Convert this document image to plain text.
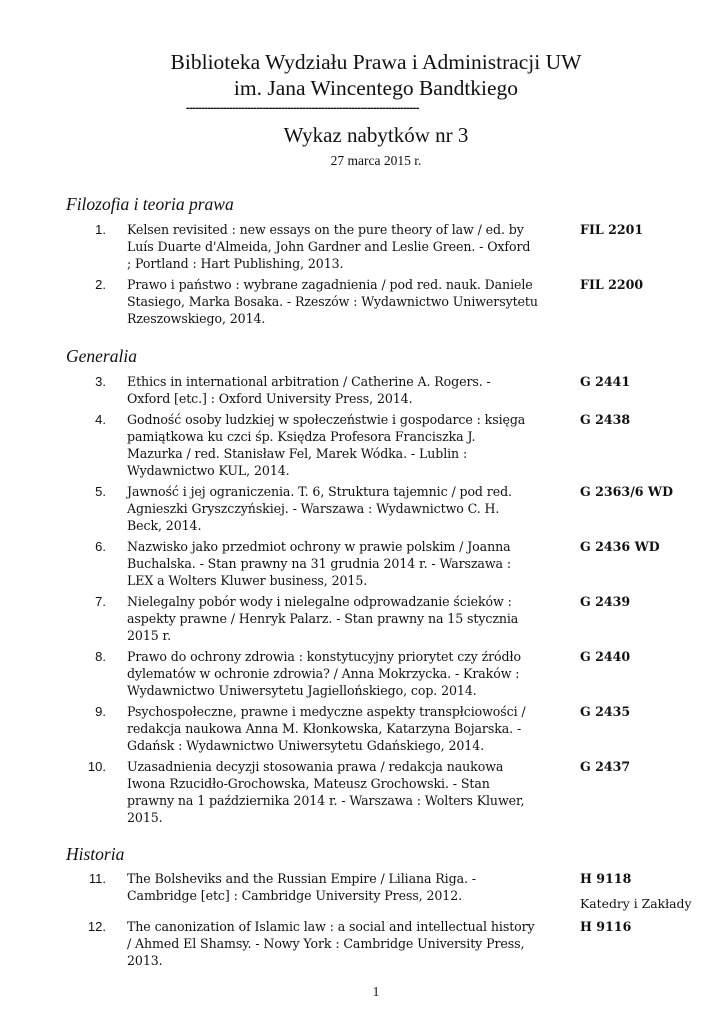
Biblioteka Wydziału Prawa i Administracji UW
im. Jana Wincentego Bandtkiego
----------------------------------------------------------------------------
Wykaz nabytków nr 3
27 marca 2015 r.
Filozofia i teoria prawa
1. Kelsen revisited : new essays on the pure theory of law / ed. by
Luís Duarte d'Almeida, John Gardner and Leslie Green. - Oxford
; Portland : Hart Publishing, 2013.
FIL 2201
2. Prawo i państwo : wybrane zagadnienia / pod red. nauk. Daniele
Stasiego, Marka Bosaka. - Rzeszów : Wydawnictwo Uniwersytetu
Rzeszowskiego, 2014.
FIL 2200
Generalia
3. Ethics in international arbitration / Catherine A. Rogers. -
Oxford [etc.] : Oxford University Press, 2014.
G 2441
4. Godność osoby ludzkiej w społeczeństwie i gospodarce : księga
pamiątkowa ku czci śp. Księdza Profesora Franciszka J.
Mazurka / red. Stanisław Fel, Marek Wódka. - Lublin :
Wydawnictwo KUL, 2014.
G 2438
5. Jawność i jej ograniczenia. T. 6, Struktura tajemnic / pod red.
Agnieszki Gryszczyńskiej. - Warszawa : Wydawnictwo C. H.
Beck, 2014.
G 2363/6 WD
6. Nazwisko jako przedmiot ochrony w prawie polskim / Joanna
Buchalska. - Stan prawny na 31 grudnia 2014 r. - Warszawa :
LEX a Wolters Kluwer business, 2015.
G 2436 WD
7. Nielegalny pobór wody i nielegalne odprowadzanie ścieków :
aspekty prawne / Henryk Palarz. - Stan prawny na 15 stycznia
2015 r.
G 2439
8. Prawo do ochrony zdrowia : konstytucyjny priorytet czy źródło
dylematów w ochronie zdrowia? / Anna Mokrzycka. - Kraków :
Wydawnictwo Uniwersytetu Jagiellońskiego, cop. 2014.
G 2440
9. Psychospołeczne, prawne i medyczne aspekty transpłciowości /
redakcja naukowa Anna M. Kłonkowska, Katarzyna Bojarska. -
Gdańsk : Wydawnictwo Uniwersytetu Gdańskiego, 2014.
G 2435
10. Uzasadnienia decyzji stosowania prawa / redakcja naukowa
Iwona Rzucidło-Grochowska, Mateusz Grochowski. - Stan
prawny na 1 października 2014 r. - Warszawa : Wolters Kluwer,
2015.
G 2437
Historia
11. The Bolsheviks and the Russian Empire / Liliana Riga. -
Cambridge [etc] : Cambridge University Press, 2012.
H 9118
Katedry i Zakłady
12. The canonization of Islamic law : a social and intellectual history
/ Ahmed El Shamsy. - Nowy York : Cambridge University Press,
2013.
H 9116
1
